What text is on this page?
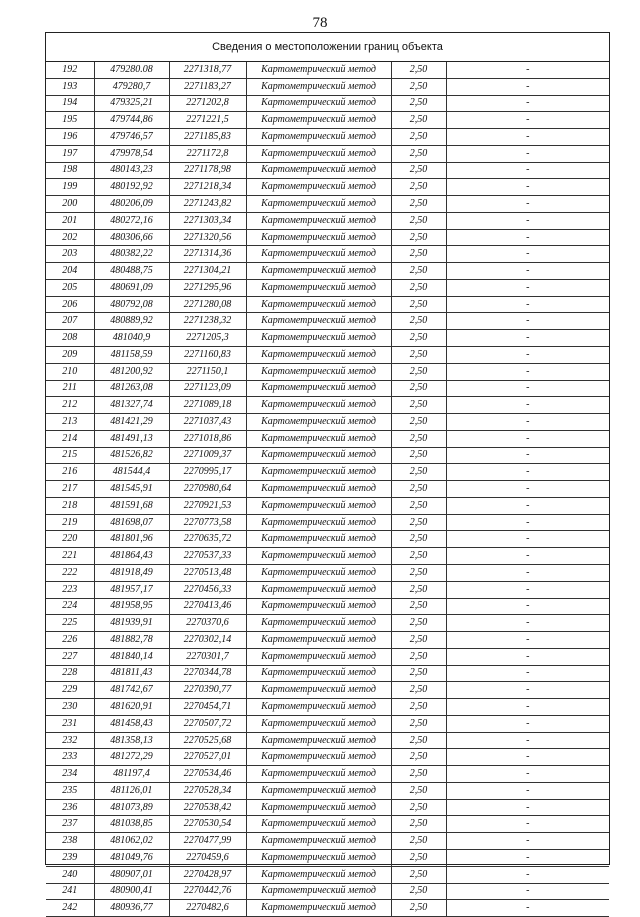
78
Сведения о местоположении границ объекта
192	479280.08	2271318,77	Картометрический метод	2,50		-
193	479280,7	2271183,27	Картометрический метод	2,50		-
194	479325,21	2271202,8	Картометрический метод	2,50		-
195	479744,86	2271221,5	Картометрический метод	2,50		-
196	479746,57	2271185,83	Картометрический метод	2,50		-
197	479978,54	2271172,8	Картометрический метод	2,50		-
198	480143,23	2271178,98	Картометрический метод	2,50		-
199	480192,92	2271218,34	Картометрический метод	2,50		-
200	480206,09	2271243,82	Картометрический метод	2,50		-
201	480272,16	2271303,34	Картометрический метод	2,50		-
202	480306,66	2271320,56	Картометрический метод	2,50		-
203	480382,22	2271314,36	Картометрический метод	2,50		-
204	480488,75	2271304,21	Картометрический метод	2,50		-
205	480691,09	2271295,96	Картометрический метод	2,50		-
206	480792,08	2271280,08	Картометрический метод	2,50		-
207	480889,92	2271238,32	Картометрический метод	2,50		-
208	481040,9	2271205,3	Картометрический метод	2,50		-
209	481158,59	2271160,83	Картометрический метод	2,50		-
210	481200,92	2271150,1	Картометрический метод	2,50		-
211	481263,08	2271123,09	Картометрический метод	2,50		-
212	481327,74	2271089,18	Картометрический метод	2,50		-
213	481421,29	2271037,43	Картометрический метод	2,50		-
214	481491,13	2271018,86	Картометрический метод	2,50		-
215	481526,82	2271009,37	Картометрический метод	2,50		-
216	481544,4	2270995,17	Картометрический метод	2,50		-
217	481545,91	2270980,64	Картометрический метод	2,50		-
218	481591,68	2270921,53	Картометрический метод	2,50		-
219	481698,07	2270773,58	Картометрический метод	2,50		-
220	481801,96	2270635,72	Картометрический метод	2,50		-
221	481864,43	2270537,33	Картометрический метод	2,50		-
222	481918,49	2270513,48	Картометрический метод	2,50		-
223	481957,17	2270456,33	Картометрический метод	2,50		-
224	481958,95	2270413,46	Картометрический метод	2,50		-
225	481939,91	2270370,6	Картометрический метод	2,50		-
226	481882,78	2270302,14	Картометрический метод	2,50		-
227	481840,14	2270301,7	Картометрический метод	2,50		-
228	481811,43	2270344,78	Картометрический метод	2,50		-
229	481742,67	2270390,77	Картометрический метод	2,50		-
230	481620,91	2270454,71	Картометрический метод	2,50		-
231	481458,43	2270507,72	Картометрический метод	2,50		-
232	481358,13	2270525,68	Картометрический метод	2,50		-
233	481272,29	2270527,01	Картометрический метод	2,50		-
234	481197,4	2270534,46	Картометрический метод	2,50		-
235	481126,01	2270528,34	Картометрический метод	2,50		-
236	481073,89	2270538,42	Картометрический метод	2,50		-
237	481038,85	2270530,54	Картометрический метод	2,50		-
238	481062,02	2270477,99	Картометрический метод	2,50		-
239	481049,76	2270459,6	Картометрический метод	2,50		-
240	480907,01	2270428,97	Картометрический метод	2,50		-
241	480900,41	2270442,76	Картометрический метод	2,50		-
242	480936,77	2270482,6	Картометрический метод	2,50		-
